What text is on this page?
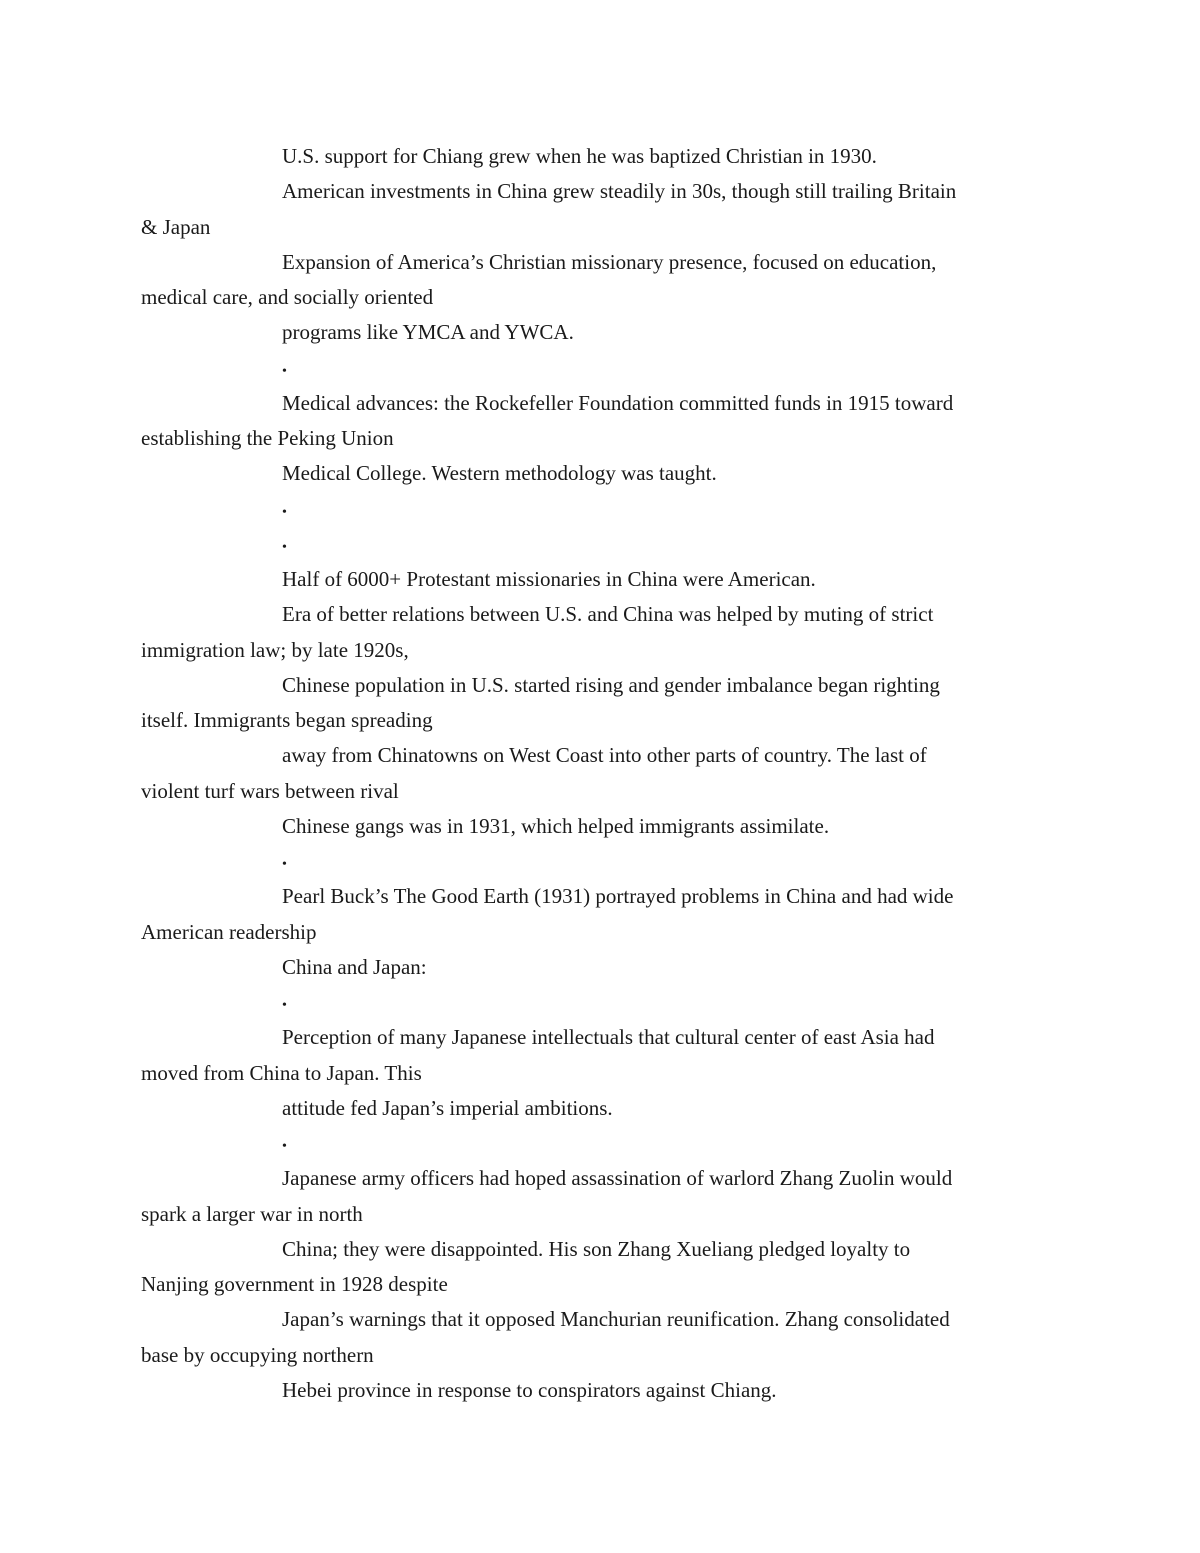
U.S. support for Chiang grew when he was baptized Christian in 1930.
American investments in China grew steadily in 30s, though still trailing Britain
& Japan
Expansion of America’s Christian missionary presence, focused on education,
medical care, and socially oriented
programs like YMCA and YWCA.
•
Medical advances: the Rockefeller Foundation committed funds in 1915 toward
establishing the Peking Union
Medical College. Western methodology was taught.
•
•
Half of 6000+ Protestant missionaries in China were American.
Era of better relations between U.S. and China was helped by muting of strict
immigration law; by late 1920s,
Chinese population in U.S. started rising and gender imbalance began righting
itself. Immigrants began spreading
away from Chinatowns on West Coast into other parts of country. The last of
violent turf wars between rival
Chinese gangs was in 1931, which helped immigrants assimilate.
•
Pearl Buck’s The Good Earth (1931) portrayed problems in China and had wide
American readership
China and Japan:
•
Perception of many Japanese intellectuals that cultural center of east Asia had
moved from China to Japan. This
attitude fed Japan’s imperial ambitions.
•
Japanese army officers had hoped assassination of warlord Zhang Zuolin would
spark a larger war in north
China; they were disappointed. His son Zhang Xueliang pledged loyalty to
Nanjing government in 1928 despite
Japan’s warnings that it opposed Manchurian reunification. Zhang consolidated
base by occupying northern
Hebei province in response to conspirators against Chiang.
